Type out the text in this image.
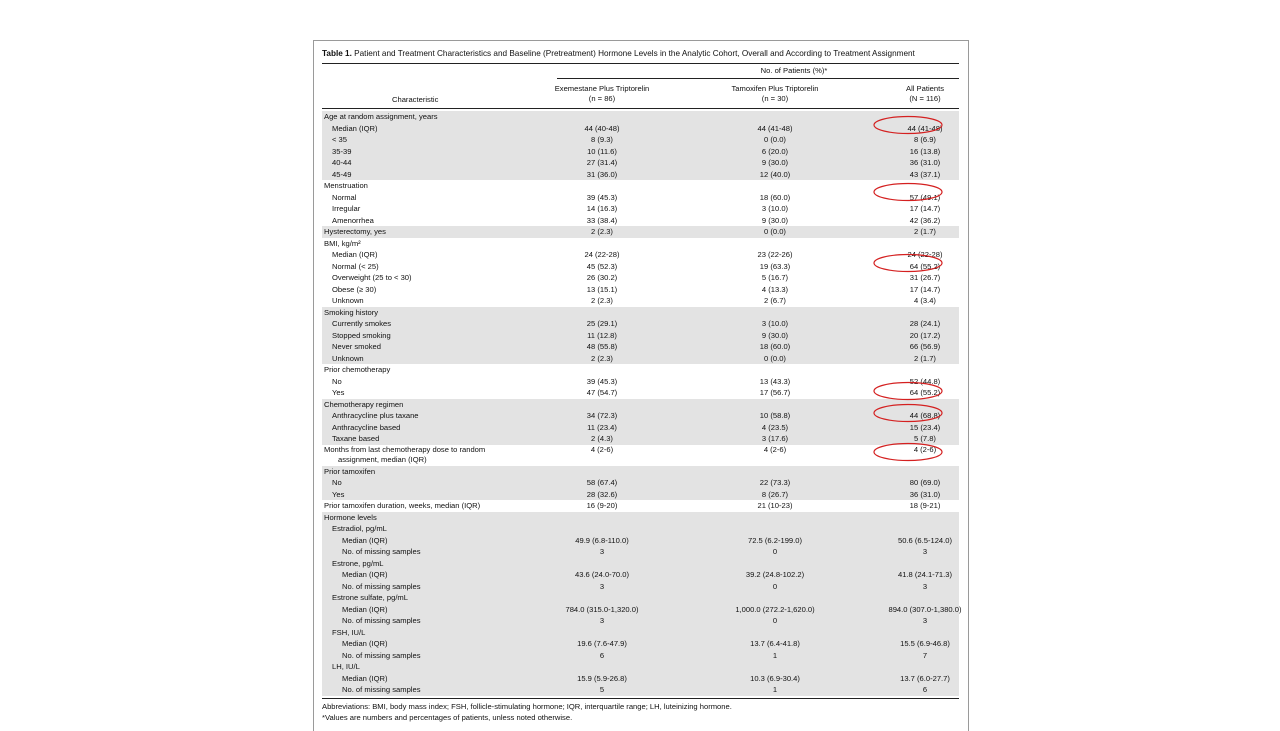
Table 1. Patient and Treatment Characteristics and Baseline (Pretreatment) Hormone Levels in the Analytic Cohort, Overall and According to Treatment Assignment
No. of Patients (%)*
Characteristic
Exemestane Plus Triptorelin
(n = 86)
Tamoxifen Plus Triptorelin
(n = 30)
All Patients
(N = 116)
Age at random assignment, years
Median (IQR)	44 (40-48)	44 (41-48)	44 (41-48)
< 35	8 (9.3)	0 (0.0)	8 (6.9)
35-39	10 (11.6)	6 (20.0)	16 (13.8)
40-44	27 (31.4)	9 (30.0)	36 (31.0)
45-49	31 (36.0)	12 (40.0)	43 (37.1)
Menstruation
Normal	39 (45.3)	18 (60.0)	57 (49.1)
Irregular	14 (16.3)	3 (10.0)	17 (14.7)
Amenorrhea	33 (38.4)	9 (30.0)	42 (36.2)
Hysterectomy, yes	2 (2.3)	0 (0.0)	2 (1.7)
BMI, kg/m²
Median (IQR)	24 (22-28)	23 (22-26)	24 (22-28)
Normal (< 25)	45 (52.3)	19 (63.3)	64 (55.2)
Overweight (25 to < 30)	26 (30.2)	5 (16.7)	31 (26.7)
Obese (≥ 30)	13 (15.1)	4 (13.3)	17 (14.7)
Unknown	2 (2.3)	2 (6.7)	4 (3.4)
Smoking history
Currently smokes	25 (29.1)	3 (10.0)	28 (24.1)
Stopped smoking	11 (12.8)	9 (30.0)	20 (17.2)
Never smoked	48 (55.8)	18 (60.0)	66 (56.9)
Unknown	2 (2.3)	0 (0.0)	2 (1.7)
Prior chemotherapy
No	39 (45.3)	13 (43.3)	52 (44.8)
Yes	47 (54.7)	17 (56.7)	64 (55.2)
Chemotherapy regimen
Anthracycline plus taxane	34 (72.3)	10 (58.8)	44 (68.8)
Anthracycline based	11 (23.4)	4 (23.5)	15 (23.4)
Taxane based	2 (4.3)	3 (17.6)	5 (7.8)
Months from last chemotherapy dose to random
assignment, median (IQR)
4 (2-6)	4 (2-6)	4 (2-6)
Prior tamoxifen
No	58 (67.4)	22 (73.3)	80 (69.0)
Yes	28 (32.6)	8 (26.7)	36 (31.0)
Prior tamoxifen duration, weeks, median (IQR)	16 (9-20)	21 (10-23)	18 (9-21)
Hormone levels
Estradiol, pg/mL
Median (IQR)	49.9 (6.8-110.0)	72.5 (6.2-199.0)	50.6 (6.5-124.0)
No. of missing samples	3	0	3
Estrone, pg/mL
Median (IQR)	43.6 (24.0-70.0)	39.2 (24.8-102.2)	41.8 (24.1-71.3)
No. of missing samples	3	0	3
Estrone sulfate, pg/mL
Median (IQR)	784.0 (315.0-1,320.0)	1,000.0 (272.2-1,620.0)	894.0 (307.0-1,380.0)
No. of missing samples	3	0	3
FSH, IU/L
Median (IQR)	19.6 (7.6-47.9)	13.7 (6.4-41.8)	15.5 (6.9-46.8)
No. of missing samples	6	1	7
LH, IU/L
Median (IQR)	15.9 (5.9-26.8)	10.3 (6.9-30.4)	13.7 (6.0-27.7)
No. of missing samples	5	1	6
Abbreviations: BMI, body mass index; FSH, follicle-stimulating hormone; IQR, interquartile range; LH, luteinizing hormone.
*Values are numbers and percentages of patients, unless noted otherwise.
